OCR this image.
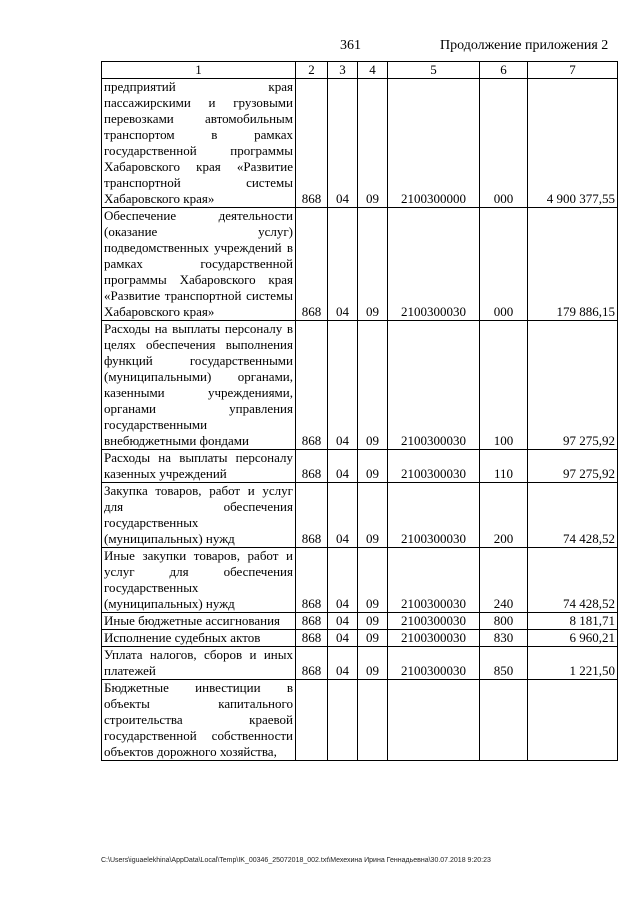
361	Продолжение приложения 2
1	2	3	4	5	6	7
предприятий края пассажирскими и грузовыми перевозками автомобильным транспортом в рамках государственной программы Хабаровского края «Развитие транспортной системы Хабаровского края»	868	04	09	2100300000	000	4 900 377,55
Обеспечение деятельности (оказание услуг) подведомственных учреждений в рамках государственной программы Хабаровского края «Развитие транспортной системы Хабаровского края»	868	04	09	2100300030	000	179 886,15
Расходы на выплаты персоналу в целях обеспечения выполнения функций государственными (муниципальными) органами, казенными учреждениями, органами управления государственными внебюджетными фондами	868	04	09	2100300030	100	97 275,92
Расходы на выплаты персоналу казенных учреждений	868	04	09	2100300030	110	97 275,92
Закупка товаров, работ и услуг для обеспечения государственных (муниципальных) нужд	868	04	09	2100300030	200	74 428,52
Иные закупки товаров, работ и услуг для обеспечения государственных (муниципальных) нужд	868	04	09	2100300030	240	74 428,52
Иные бюджетные ассигнования	868	04	09	2100300030	800	8 181,71
Исполнение судебных актов	868	04	09	2100300030	830	6 960,21
Уплата налогов, сборов и иных платежей	868	04	09	2100300030	850	1 221,50
Бюджетные инвестиции в объекты капитального строительства краевой государственной собственности объектов дорожного хозяйства,						
C:\Users\iguaelekhina\AppData\Local\Temp\IK_00346_25072018_002.txt\Мехехина Ирина Геннадьевна\30.07.2018 9:20:23
